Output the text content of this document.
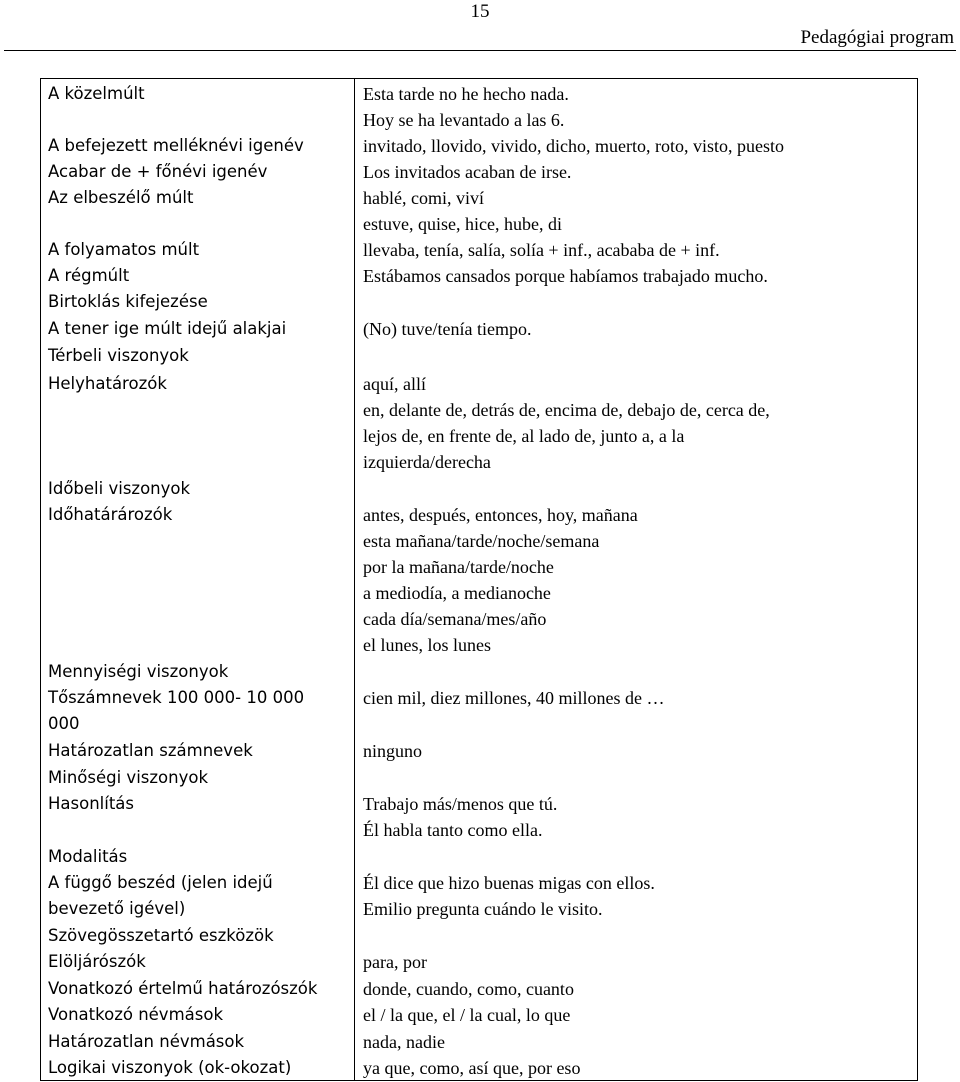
15
Pedagógiai program
A közelmúlt
A befejezett melléknévi igenév
Acabar de + főnévi igenév
Az elbeszélő múlt
A folyamatos múlt
A régmúlt
Birtoklás kifejezése
A tener ige múlt idejű alakjai
Térbeli viszonyok
Helyhatározók
Időbeli viszonyok
Időhatárározók
Mennyiségi viszonyok
Tőszámnevek 100 000- 10 000
000
Határozatlan számnevek
Minőségi viszonyok
Hasonlítás
Modalitás
A függő beszéd (jelen idejű
bevezető igével)
Szövegösszetartó eszközök
Elöljárószók
Vonatkozó értelmű határozószók
Vonatkozó névmások
Határozatlan névmások
Logikai viszonyok (ok-okozat)
Esta tarde no he hecho nada.
Hoy se ha levantado a las 6.
invitado, llovido, vivido, dicho, muerto, roto, visto, puesto
Los invitados acaban de irse.
hablé, comi, viví
estuve, quise, hice, hube, di
llevaba, tenía, salía, solía + inf., acababa de + inf.
Estábamos cansados porque habíamos trabajado mucho.
(No) tuve/tenía tiempo.
aquí, allí
en, delante de, detrás de, encima de, debajo de, cerca de,
lejos de, en frente de, al lado de, junto a, a la
izquierda/derecha
antes, después, entonces, hoy, mañana
esta mañana/tarde/noche/semana
por la mañana/tarde/noche
a mediodía, a medianoche
cada día/semana/mes/año
el lunes, los lunes
cien mil, diez millones, 40 millones de …
ninguno
Trabajo más/menos que tú.
Él habla tanto como ella.
Él dice que hizo buenas migas con ellos.
Emilio pregunta cuándo le visito.
para, por
donde, cuando, como, cuanto
el / la que, el / la cual, lo que
nada, nadie
ya que, como, así que, por eso
